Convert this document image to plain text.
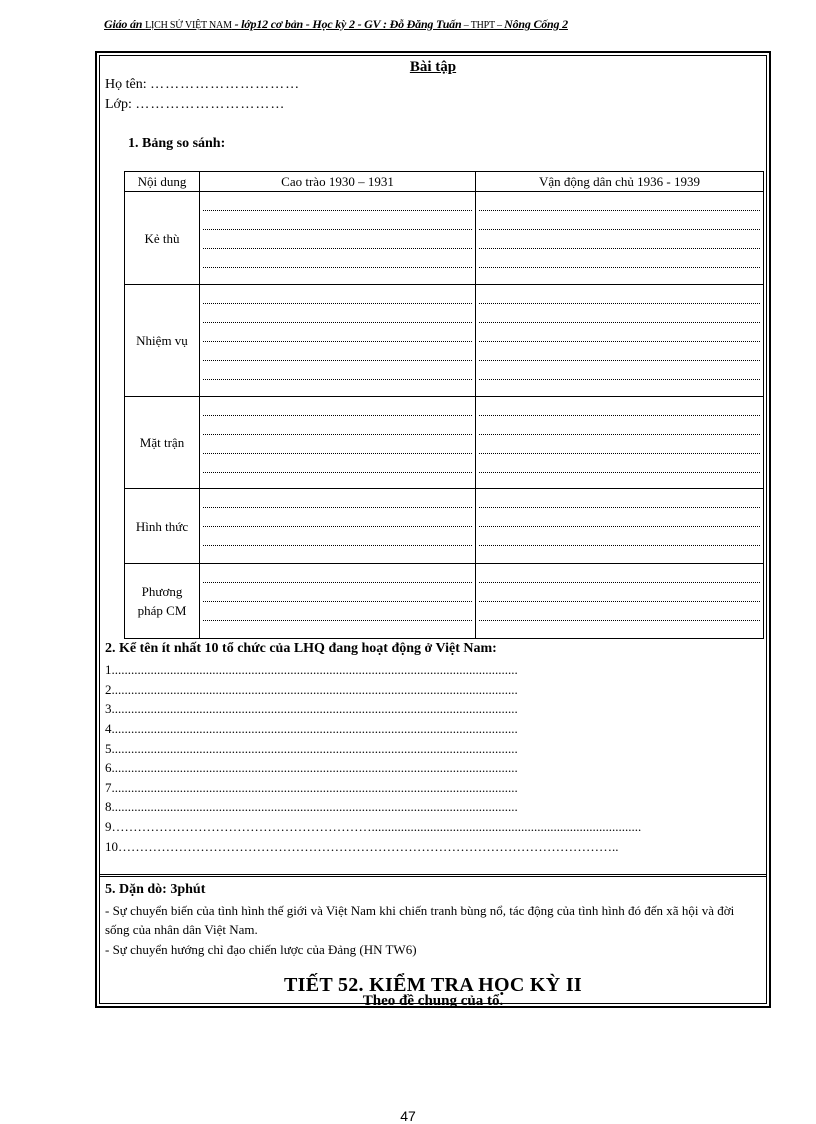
Giáo án LỊCH SỬ VIỆT NAM - lớp12 cơ bản - Học kỳ 2 - GV : Đỗ Đăng Tuấn – THPT – Nông Cống 2
Bài tập
Họ tên: …………………………
Lớp: …………………………
1. Bảng so sánh:
Nội dung	Cao trào 1930 – 1931	Vận động dân chủ 1936 - 1939
Kẻ thù	

Nhiệm vụ	

Mặt trận	

Hình thức	

Phương
pháp CM		

2. Kể tên ít nhất 10 tổ chức của LHQ đang hoạt động ở Việt Nam:
1.............................................................................................................................
2.............................................................................................................................
3.............................................................................................................................
4.............................................................................................................................
5.............................................................................................................................
6.............................................................................................................................
7.............................................................................................................................
8.............................................................................................................................
9……………………………………………………...................................................................................
10……………………………………………………………………………………………………..
5. Dặn dò: 3phút
- Sự chuyển biến của tình hình thế giới và Việt Nam khi chiến tranh bùng nổ, tác động của tình hình đó đến xã hội và đời sống của nhân dân Việt Nam.
- Sự chuyển hướng chỉ đạo chiến lược của Đảng (HN TW6)
TIẾT 52. KIỂM TRA HỌC KỲ II
Theo đề chung của tổ.
47
